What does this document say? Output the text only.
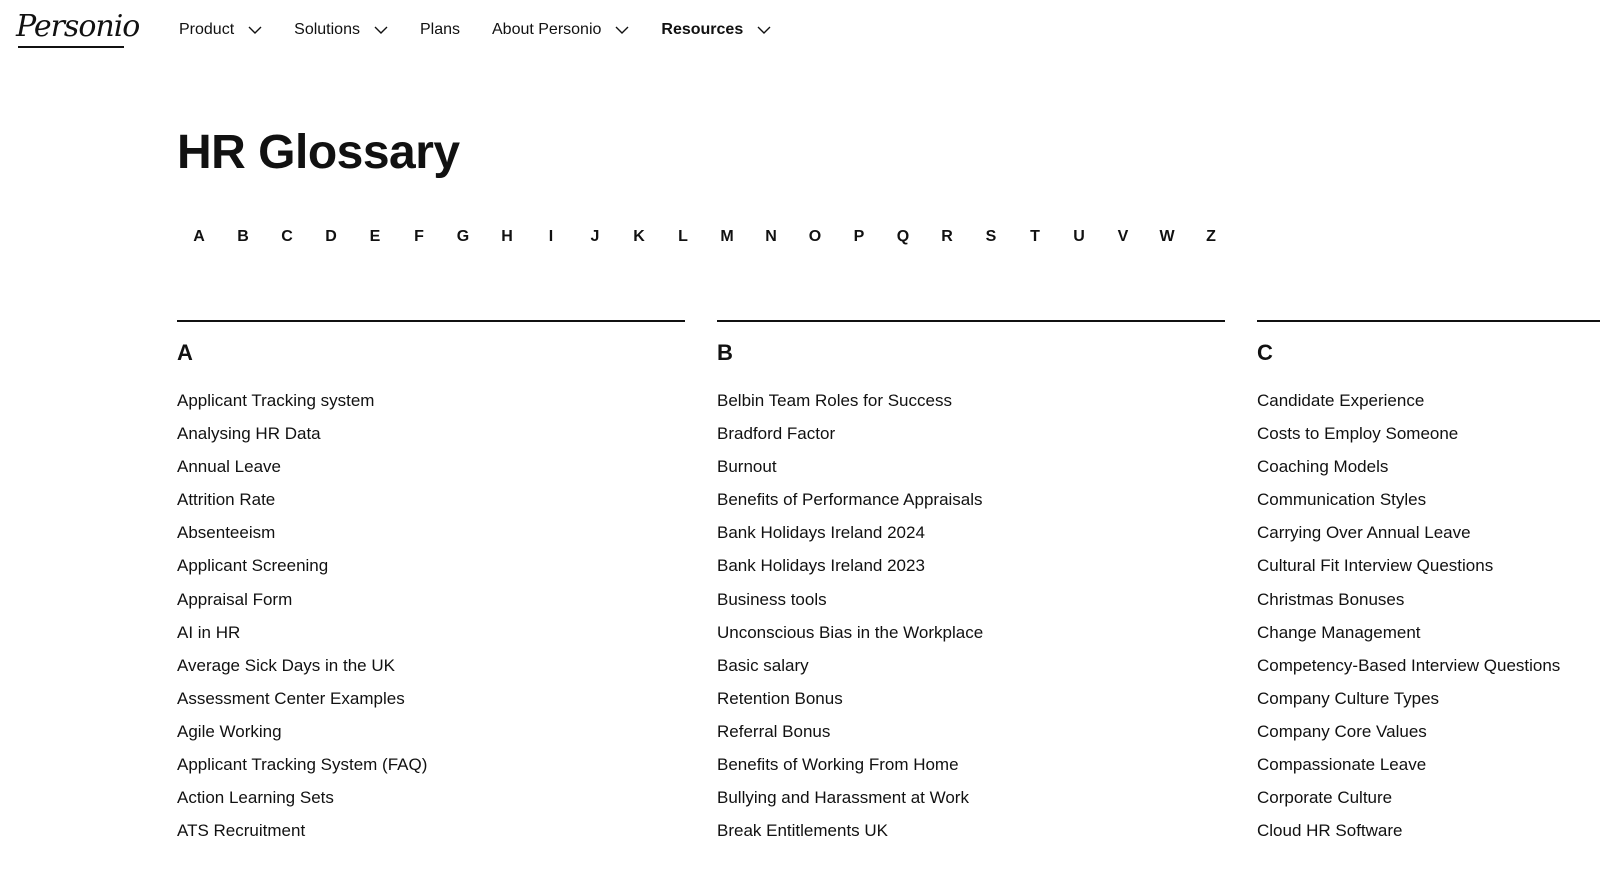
Personio Product	Solutions	Plans About Personio	Resources
HR Glossary
A	B	C	D	E	F	G	H	I	J	K	L	M	N	O	P	Q	R	S	T	U	V	W	Z
A
Applicant Tracking system
Analysing HR Data
Annual Leave
Attrition Rate
Absenteeism
Applicant Screening
Appraisal Form
AI in HR
Average Sick Days in the UK
Assessment Center Examples
Agile Working
Applicant Tracking System (FAQ)
Action Learning Sets
ATS Recruitment
B
Belbin Team Roles for Success
Bradford Factor
Burnout
Benefits of Performance Appraisals
Bank Holidays Ireland 2024
Bank Holidays Ireland 2023
Business tools
Unconscious Bias in the Workplace
Basic salary
Retention Bonus
Referral Bonus
Benefits of Working From Home
Bullying and Harassment at Work
Break Entitlements UK
C
Candidate Experience
Costs to Employ Someone
Coaching Models
Communication Styles
Carrying Over Annual Leave
Cultural Fit Interview Questions
Christmas Bonuses
Change Management
Competency-Based Interview Questions
Company Culture Types
Company Core Values
Compassionate Leave
Corporate Culture
Cloud HR Software
